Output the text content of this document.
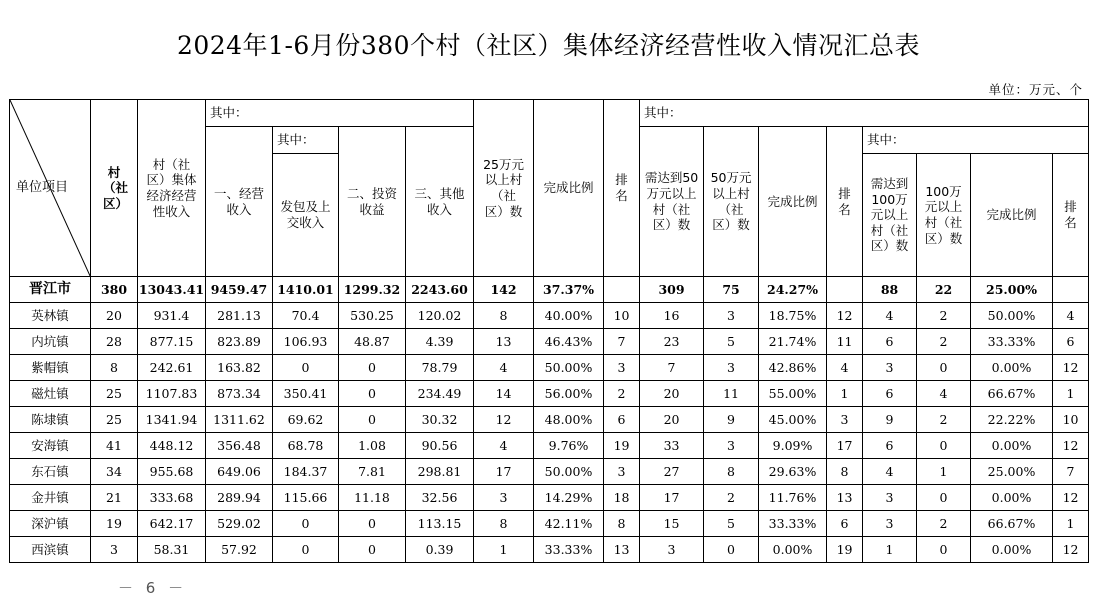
2024年1-6月份380个村（社区）集体经济经营性收入情况汇总表
单位：万元、个
单位项目	村（社区）	村（社区）集体经济经营性收入	其中：				25万元以上村（社区）数	完成比例	排名	其中：							

			一、经营收入	其中：	二、投资收益	三、其他收入				需达到50万元以上村（社区）数	50万元以上村（社区）数	完成比例	排名	其中：			

				发包及上交收入										需达到100万元以上村（社区）数	100万元以上村（社区）数	完成比例	排名

晋江市	380	13043.41	9459.47	1410.01	1299.32	2243.60	142	37.37%		309	75	24.27%		88	22	25.00%	
英林镇	20	931.4	281.13	70.4	530.25	120.02	8	40.00%	10	16	3	18.75%	12	4	2	50.00%	4
内坑镇	28	877.15	823.89	106.93	48.87	4.39	13	46.43%	7	23	5	21.74%	11	6	2	33.33%	6
紫帽镇	8	242.61	163.82	0	0	78.79	4	50.00%	3	7	3	42.86%	4	3	0	0.00%	12
磁灶镇	25	1107.83	873.34	350.41	0	234.49	14	56.00%	2	20	11	55.00%	1	6	4	66.67%	1
陈埭镇	25	1341.94	1311.62	69.62	0	30.32	12	48.00%	6	20	9	45.00%	3	9	2	22.22%	10
安海镇	41	448.12	356.48	68.78	1.08	90.56	4	9.76%	19	33	3	9.09%	17	6	0	0.00%	12
东石镇	34	955.68	649.06	184.37	7.81	298.81	17	50.00%	3	27	8	29.63%	8	4	1	25.00%	7
金井镇	21	333.68	289.94	115.66	11.18	32.56	3	14.29%	18	17	2	11.76%	13	3	0	0.00%	12
深沪镇	19	642.17	529.02	0	0	113.15	8	42.11%	8	15	5	33.33%	6	3	2	66.67%	1
西滨镇	3	58.31	57.92	0	0	0.39	1	33.33%	13	3	0	0.00%	19	1	0	0.00%	12
－ 6 －
